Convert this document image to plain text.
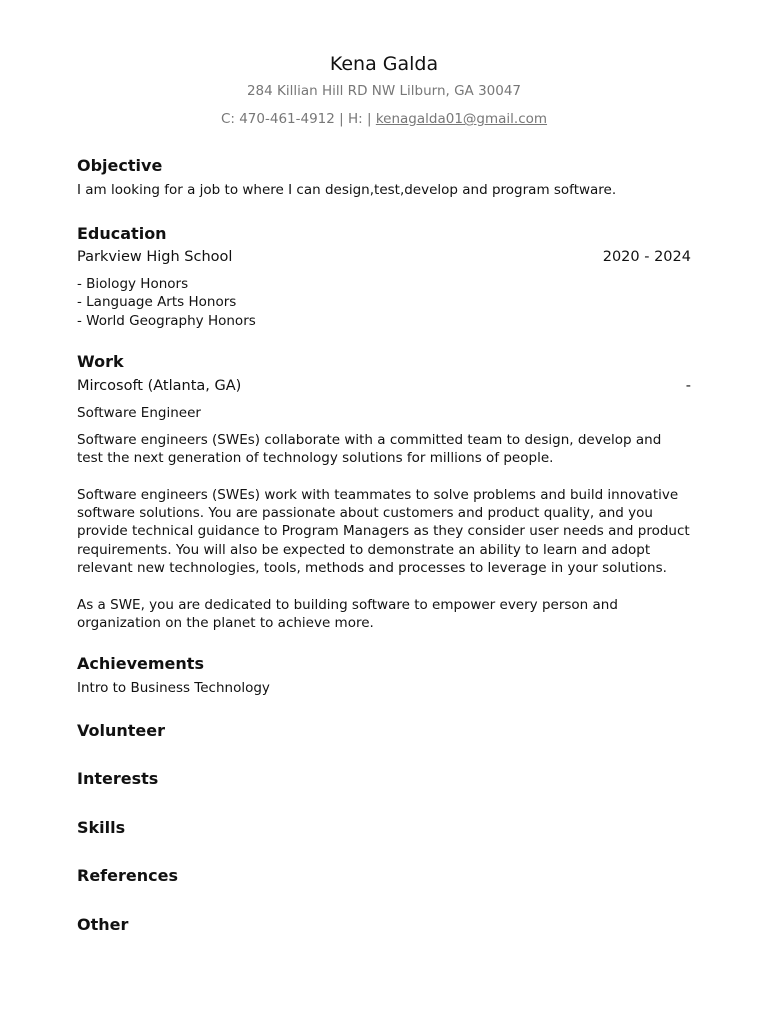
Kena Galda
284 Killian Hill RD NW Lilburn, GA 30047
C: 470-461-4912 | H: | kenagalda01@gmail.com
Objective
I am looking for a job to where I can design,test,develop and program software.
Education
Parkview High School	2020 - 2024
- Biology Honors
- Language Arts Honors
- World Geography Honors
Work
Mircosoft (Atlanta, GA)	-
Software Engineer

Software engineers (SWEs) collaborate with a committed team to design, develop and test the next generation of technology solutions for millions of people.

Software engineers (SWEs) work with teammates to solve problems and build innovative software solutions. You are passionate about customers and product quality, and you provide technical guidance to Program Managers as they consider user needs and product requirements. You will also be expected to demonstrate an ability to learn and adopt relevant new technologies, tools, methods and processes to leverage in your solutions.

As a SWE, you are dedicated to building software to empower every person and organization on the planet to achieve more.

Achievements
Intro to Business Technology
Volunteer
Interests
Skills
References
Other
